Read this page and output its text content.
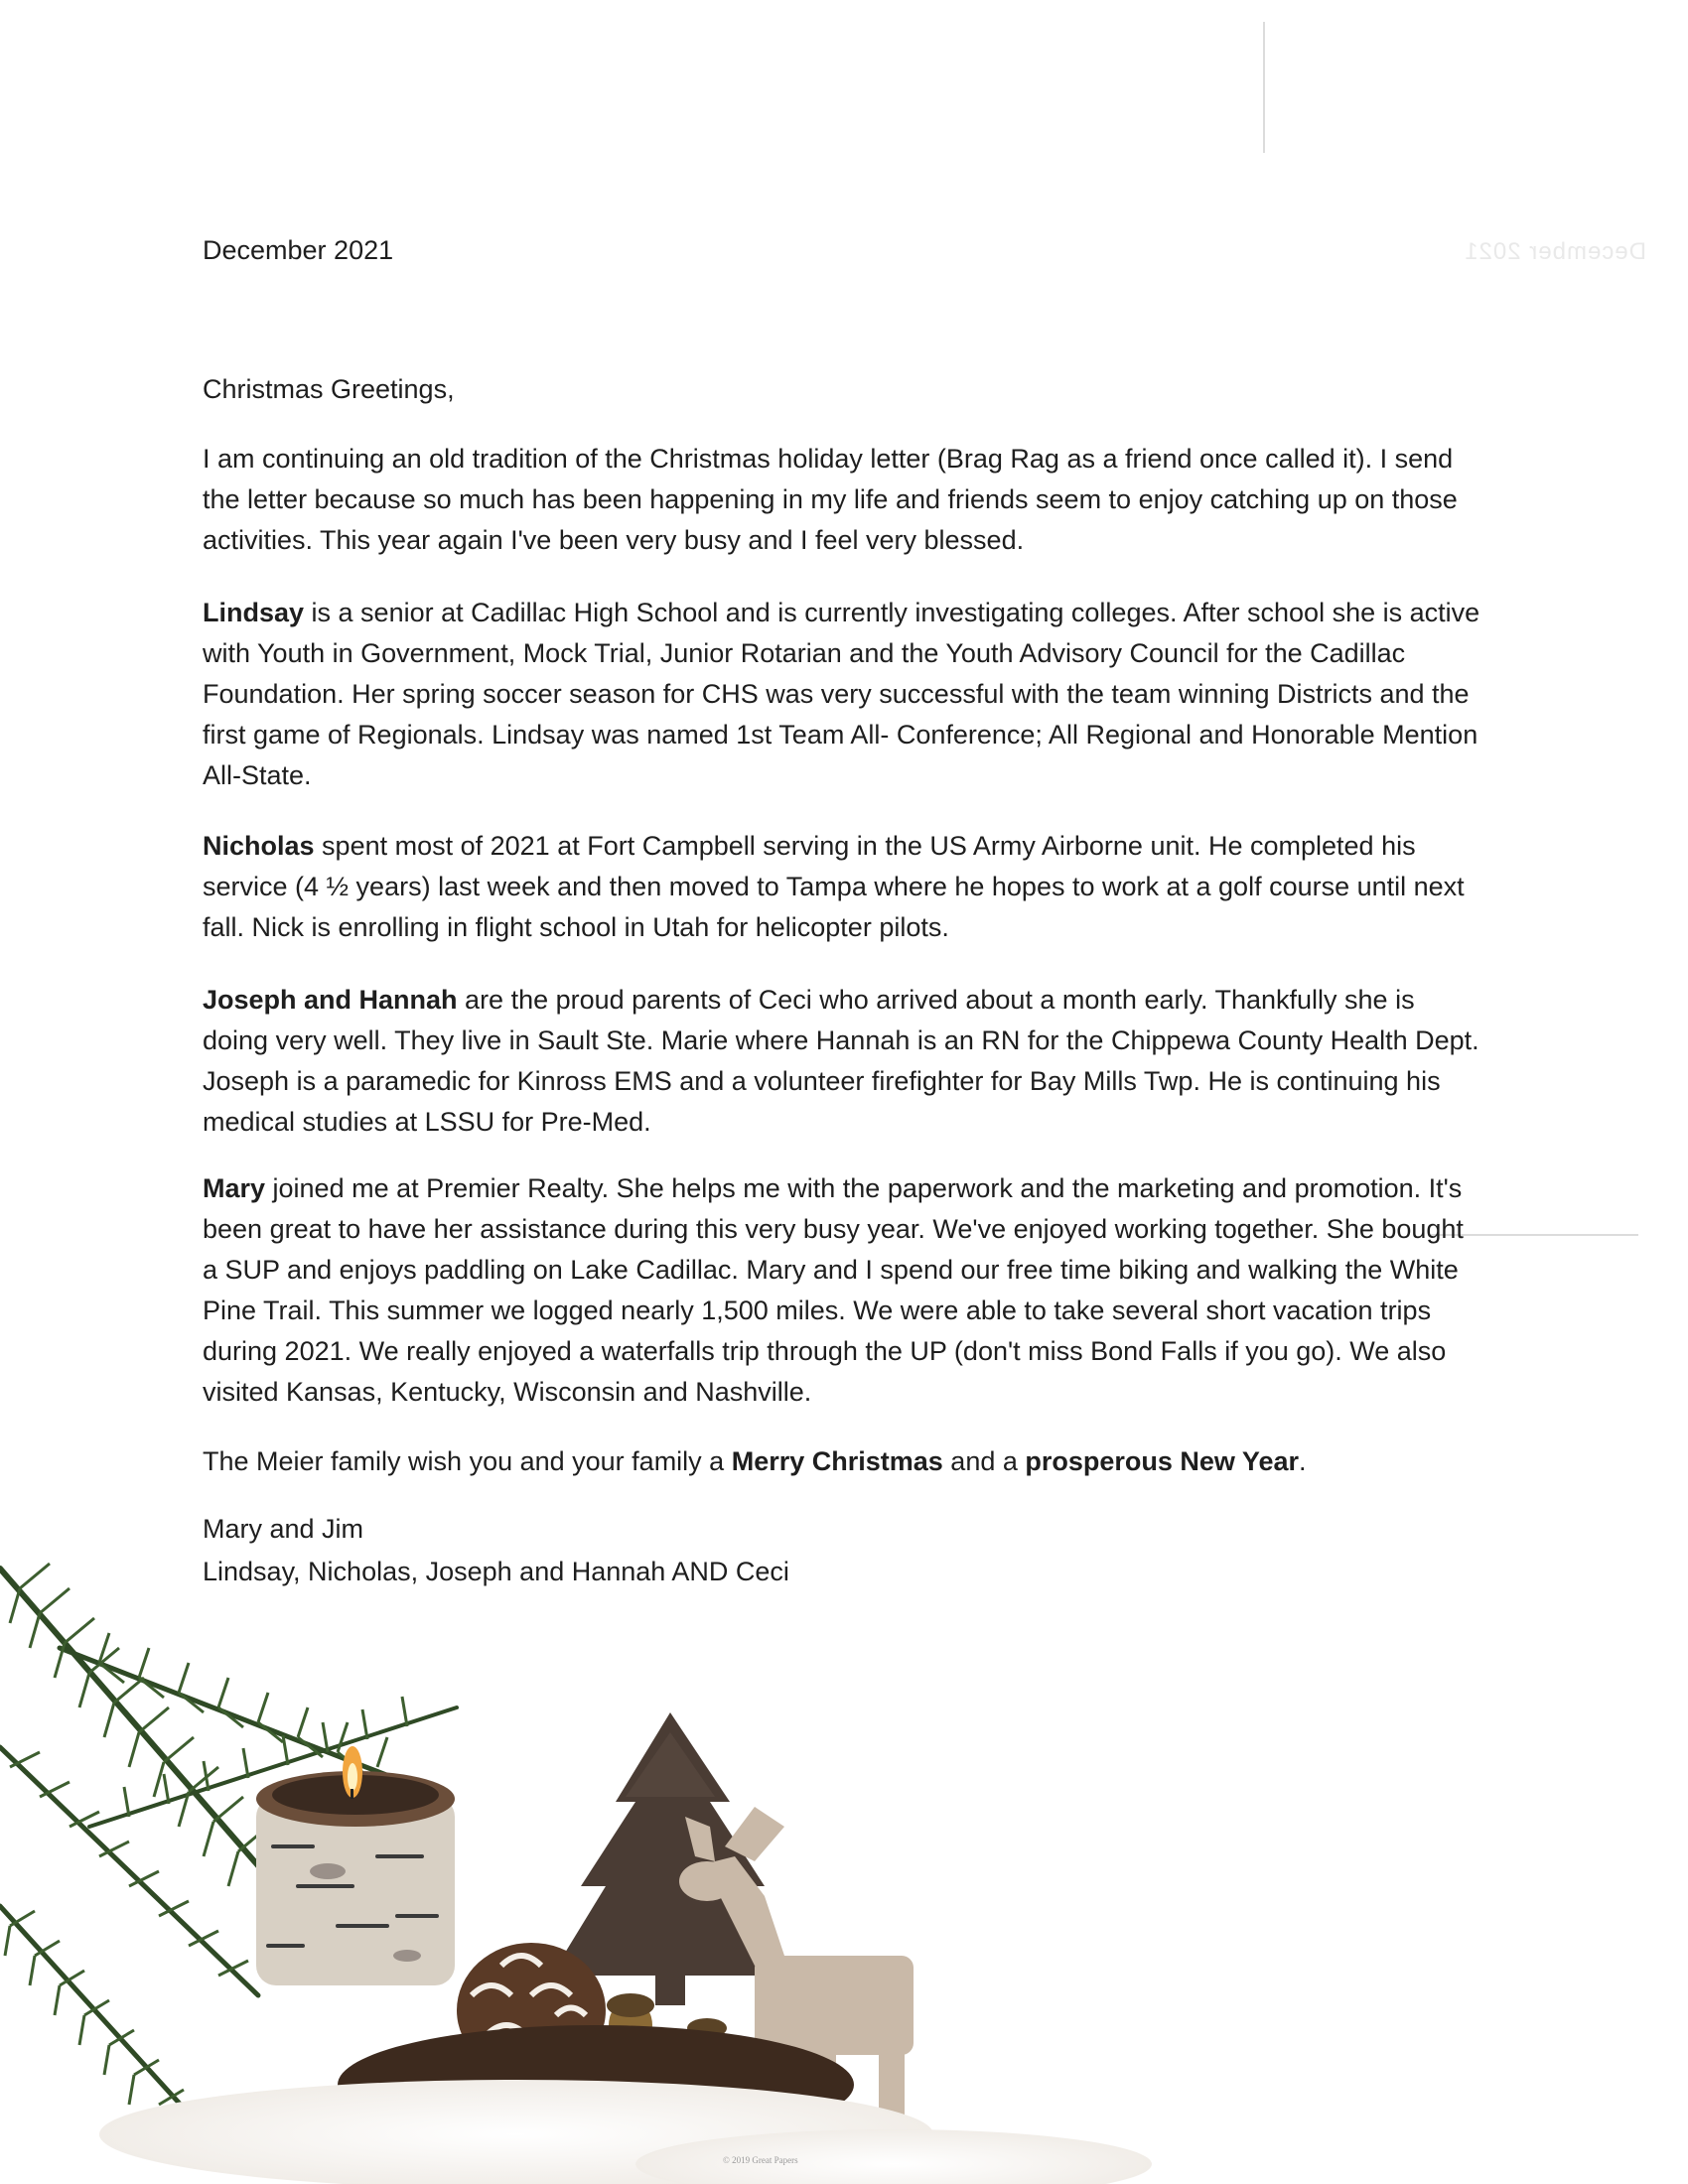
December 2021

December 2021

Christmas Greetings,

I am continuing an old tradition of the Christmas holiday letter (Brag Rag as a friend once called it). I send the letter because so much has been happening in my life and friends seem to enjoy catching up on those activities. This year again I've been very busy and I feel very blessed.

Lindsay is a senior at Cadillac High School and is currently investigating colleges. After school she is active with Youth in Government, Mock Trial, Junior Rotarian and the Youth Advisory Council for the Cadillac Foundation. Her spring soccer season for CHS was very successful with the team winning Districts and the first game of Regionals. Lindsay was named 1st Team All- Conference; All Regional and Honorable Mention All-State.

Nicholas spent most of 2021 at Fort Campbell serving in the US Army Airborne unit. He completed his service (4 ½ years) last week and then moved to Tampa where he hopes to work at a golf course until next fall. Nick is enrolling in flight school in Utah for helicopter pilots.

Joseph and Hannah are the proud parents of Ceci who arrived about a month early. Thankfully she is doing very well. They live in Sault Ste. Marie where Hannah is an RN for the Chippewa County Health Dept. Joseph is a paramedic for Kinross EMS and a volunteer firefighter for Bay Mills Twp. He is continuing his medical studies at LSSU for Pre-Med.

Mary joined me at Premier Realty. She helps me with the paperwork and the marketing and promotion. It's been great to have her assistance during this very busy year. We've enjoyed working together. She bought a SUP and enjoys paddling on Lake Cadillac. Mary and I spend our free time biking and walking the White Pine Trail. This summer we logged nearly 1,500 miles. We were able to take several short vacation trips during 2021. We really enjoyed a waterfalls trip through the UP (don't miss Bond Falls if you go). We also visited Kansas, Kentucky, Wisconsin and Nashville.

The Meier family wish you and your family a Merry Christmas and a prosperous New Year.

Mary and Jim

Lindsay, Nicholas, Joseph and Hannah AND Ceci

© 2019 Great Papers
